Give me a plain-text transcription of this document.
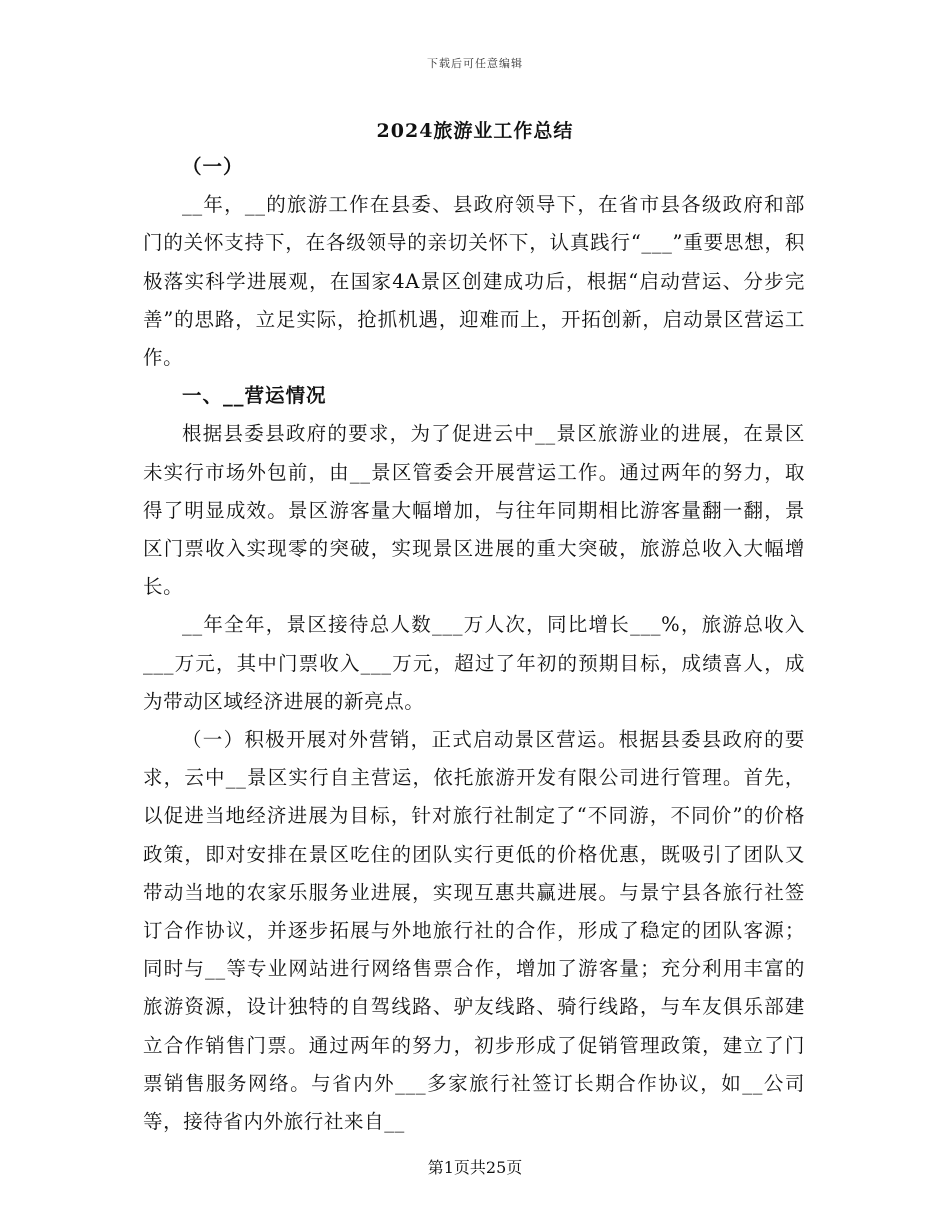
下载后可任意编辑
2024旅游业工作总结

（一）

__年，__的旅游工作在县委、县政府领导下，在省市县各级政府和部门的关怀支持下，在各级领导的亲切关怀下，认真践行“___”重要思想，积极落实科学进展观，在国家4A景区创建成功后，根据“启动营运、分步完善”的思路，立足实际，抢抓机遇，迎难而上，开拓创新，启动景区营运工作。

一、__营运情况

根据县委县政府的要求，为了促进云中__景区旅游业的进展，在景区未实行市场外包前，由__景区管委会开展营运工作。通过两年的努力，取得了明显成效。景区游客量大幅增加，与往年同期相比游客量翻一翻，景区门票收入实现零的突破，实现景区进展的重大突破，旅游总收入大幅增长。

__年全年，景区接待总人数___万人次，同比增长___%，旅游总收入___万元，其中门票收入___万元，超过了年初的预期目标，成绩喜人，成为带动区域经济进展的新亮点。

（一）积极开展对外营销，正式启动景区营运。根据县委县政府的要求，云中__景区实行自主营运，依托旅游开发有限公司进行管理。首先，以促进当地经济进展为目标，针对旅行社制定了“不同游，不同价”的价格政策，即对安排在景区吃住的团队实行更低的价格优惠，既吸引了团队又带动当地的农家乐服务业进展，实现互惠共赢进展。与景宁县各旅行社签订合作协议，并逐步拓展与外地旅行社的合作，形成了稳定的团队客源；同时与__等专业网站进行网络售票合作，增加了游客量；充分利用丰富的旅游资源，设计独特的自驾线路、驴友线路、骑行线路，与车友俱乐部建立合作销售门票。通过两年的努力，初步形成了促销管理政策，建立了门票销售服务网络。与省内外___多家旅行社签订长期合作协议，如__公司等，接待省内外旅行社来自__

第1页共25页
